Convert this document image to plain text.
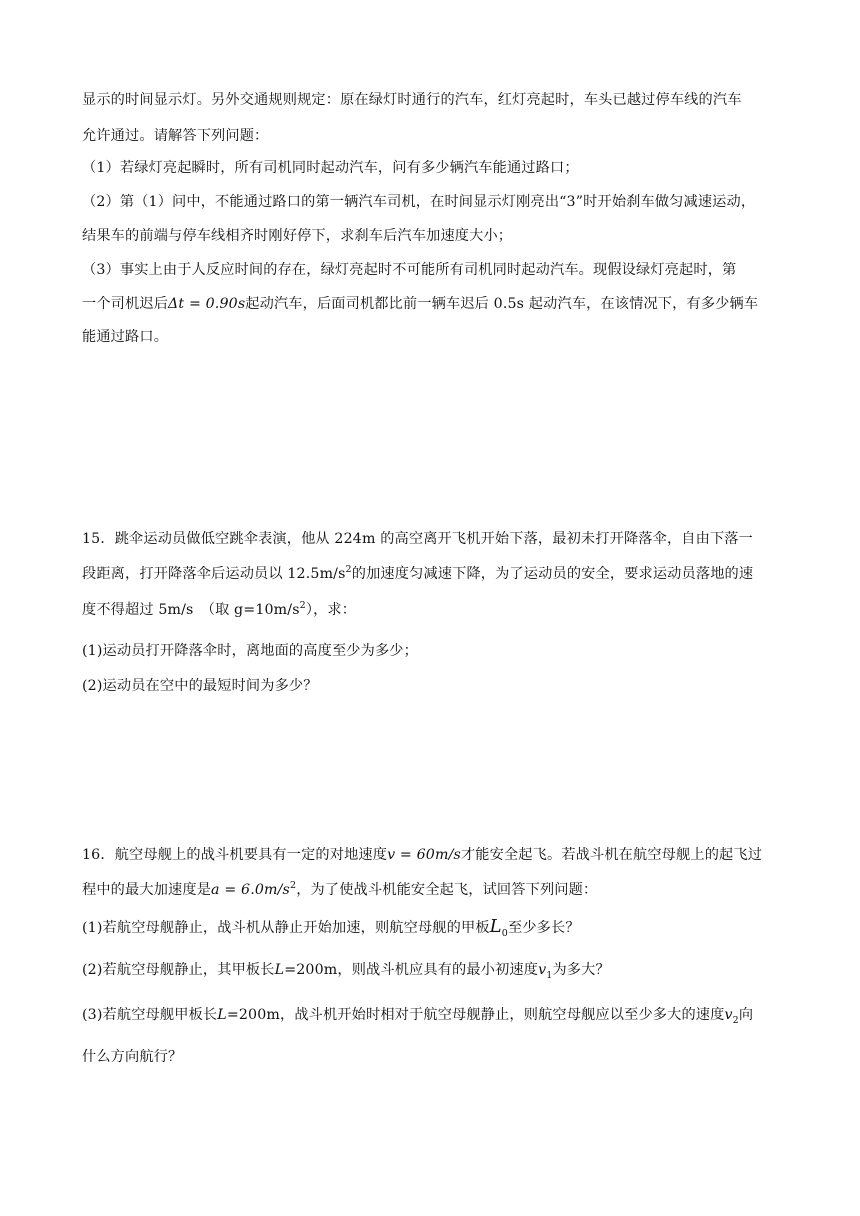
显示的时间显示灯。另外交通规则规定：原在绿灯时通行的汽车，红灯亮起时，车头已越过停车线的汽车

允许通过。请解答下列问题：

（1）若绿灯亮起瞬时，所有司机同时起动汽车，问有多少辆汽车能通过路口；

（2）第（1）问中，不能通过路口的第一辆汽车司机，在时间显示灯刚亮出“3”时开始刹车做匀减速运动，

结果车的前端与停车线相齐时刚好停下，求刹车后汽车加速度大小；

（3）事实上由于人反应时间的存在，绿灯亮起时不可能所有司机同时起动汽车。现假设绿灯亮起时，第

一个司机迟后Δt = 0.90s起动汽车，后面司机都比前一辆车迟后 0.5s 起动汽车，在该情况下，有多少辆车

能通过路口。

15．跳伞运动员做低空跳伞表演，他从 224m 的高空离开飞机开始下落，最初未打开降落伞，自由下落一

段距离，打开降落伞后运动员以 $12.5m/s^2$的加速度匀减速下降，为了运动员的安全，要求运动员落地的速

度不得超过 5m/s　（取 $g=10m/s^2$），求：

(1)运动员打开降落伞时，离地面的高度至少为多少；

(2)运动员在空中的最短时间为多少？

16．航空母舰上的战斗机要具有一定的对地速度v = 60m/s才能安全起飞。若战斗机在航空母舰上的起飞过

程中的最大加速度是$a = 6.0m/s^2$，为了使战斗机能安全起飞，试回答下列问题：

(1)若航空母舰静止，战斗机从静止开始加速，则航空母舰的甲板$L_0$至少多长？

(2)若航空母舰静止，其甲板长L=200m，则战斗机应具有的最小初速度$v_1$为多大？

(3)若航空母舰甲板长L=200m，战斗机开始时相对于航空母舰静止，则航空母舰应以至少多大的速度$v_2$向

什么方向航行？
